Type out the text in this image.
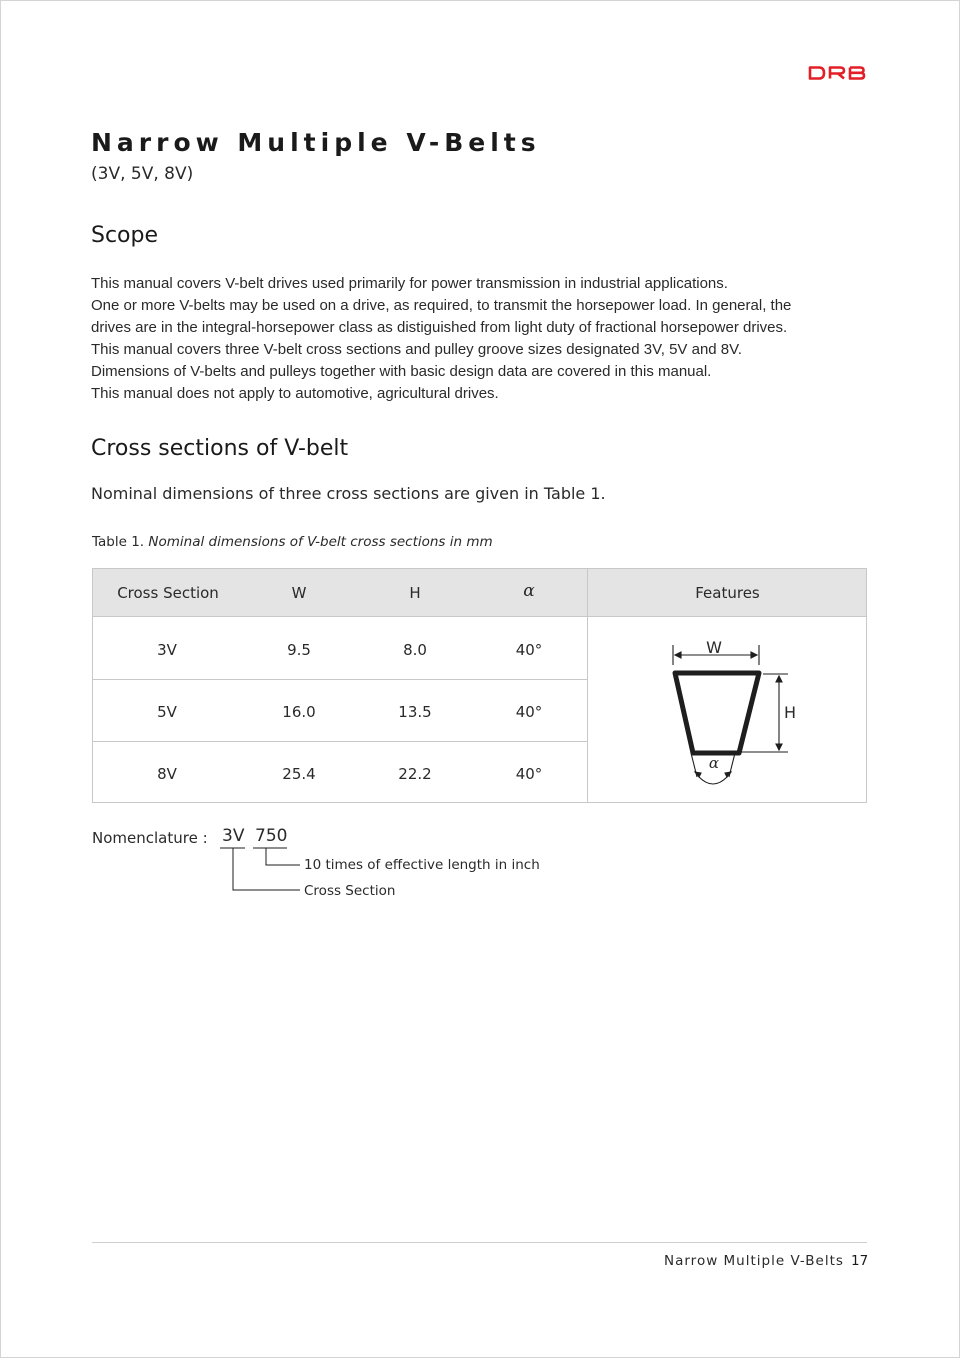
Narrow Multiple V-Belts
(3V, 5V, 8V)
Scope

This manual covers V-belt drives used primarily for power transmission in industrial applications.

One or more V-belts may be used on a drive, as required, to transmit the horsepower load. In general, the

drives are in the integral-horsepower class as distiguished from light duty of fractional horsepower drives.

This manual covers three V-belt cross sections and pulley groove sizes designated 3V, 5V and 8V.

Dimensions of V-belts and pulleys together with basic design data are covered in this manual.

This manual does not apply to automotive, agricultural drives.

Cross sections of V-belt
Nominal dimensions of three cross sections are given in Table 1.
Table 1. Nominal dimensions of V-belt cross sections in mm
Cross Section	W	H	α	Features
3V	9.5	8.0	40°
5V	16.0	13.5	40°
8V	25.4	22.2	40°
W
H
α
Nomenclature : 3V 750
10 times of effective length in inch
Cross Section
Narrow Multiple V-Belts 17
